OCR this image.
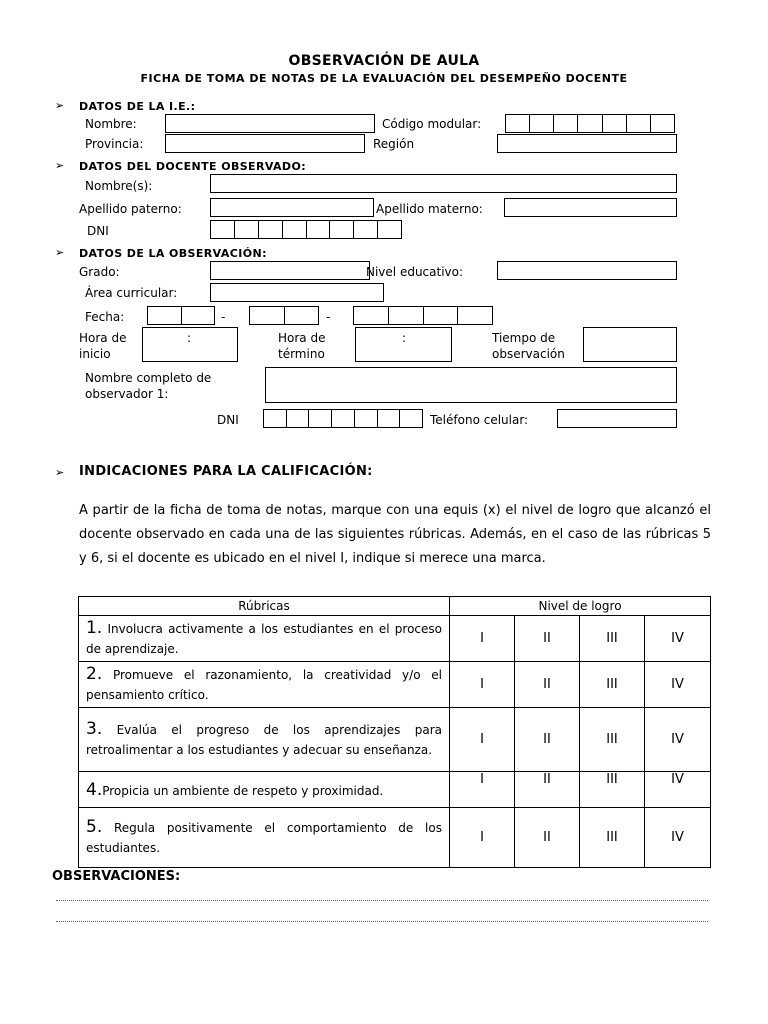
OBSERVACIÓN DE AULA
FICHA DE TOMA DE NOTAS DE LA EVALUACIÓN DEL DESEMPEÑO DOCENTE
➢ DATOS DE LA I.E.:
Nombre:	Código modular:
Provincia:	Región
➢ DATOS DEL DOCENTE OBSERVADO:
Nombre(s):
Apellido paterno:	Apellido materno:
DNI
➢ DATOS DE LA OBSERVACIÓN:
Grado:	Nivel educativo:
Área curricular:
Fecha:	-	-
Hora de
inicio
:	Hora de
término
:	Tiempo de
observación
Nombre completo de
observador 1:
DNI	Teléfono celular:
➢ INDICACIONES PARA LA CALIFICACIÓN:
A partir de la ficha de toma de notas, marque con una equis (x) el nivel de logro que alcanzó el docente observado en cada una de las siguientes rúbricas. Además, en el caso de las rúbricas 5 y 6, si el docente es ubicado en el nivel I, indique si merece una marca.
Rúbricas	Nivel de logro			
1. Involucra activamente a los estudiantes en el proceso de aprendizaje.	I	II	III	IV
2. Promueve el razonamiento, la creatividad y/o el pensamiento crítico.	I	II	III	IV
3. Evalúa el progreso de los aprendizajes para retroalimentar a los estudiantes y adecuar su enseñanza.	I	II	III	IV
4.Propicia un ambiente de respeto y proximidad.	I	II	III	IV
5. Regula positivamente el comportamiento de los estudiantes.	I	II	III	IV
OBSERVACIONES:
